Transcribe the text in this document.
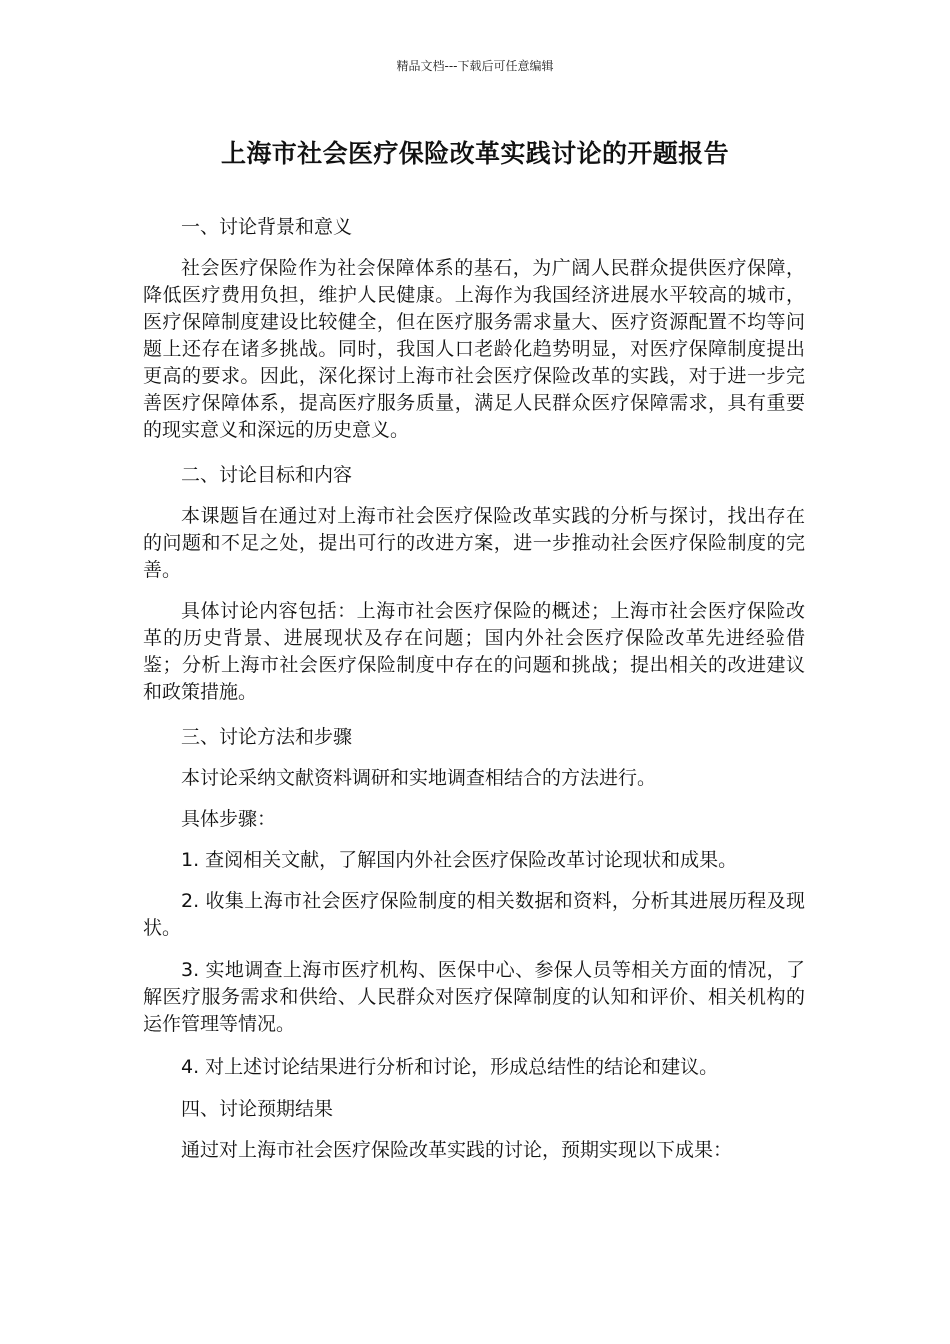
精品文档---下载后可任意编辑
上海市社会医疗保险改革实践讨论的开题报告

一、讨论背景和意义

社会医疗保险作为社会保障体系的基石，为广阔人民群众提供医疗保障，降低医疗费用负担，维护人民健康。上海作为我国经济进展水平较高的城市，医疗保障制度建设比较健全，但在医疗服务需求量大、医疗资源配置不均等问题上还存在诸多挑战。同时，我国人口老龄化趋势明显，对医疗保障制度提出更高的要求。因此，深化探讨上海市社会医疗保险改革的实践，对于进一步完善医疗保障体系，提高医疗服务质量，满足人民群众医疗保障需求，具有重要的现实意义和深远的历史意义。

二、讨论目标和内容

本课题旨在通过对上海市社会医疗保险改革实践的分析与探讨，找出存在的问题和不足之处，提出可行的改进方案，进一步推动社会医疗保险制度的完善。

具体讨论内容包括：上海市社会医疗保险的概述；上海市社会医疗保险改革的历史背景、进展现状及存在问题；国内外社会医疗保险改革先进经验借鉴；分析上海市社会医疗保险制度中存在的问题和挑战；提出相关的改进建议和政策措施。

三、讨论方法和步骤

本讨论采纳文献资料调研和实地调查相结合的方法进行。

具体步骤：

1. 查阅相关文献，了解国内外社会医疗保险改革讨论现状和成果。

2. 收集上海市社会医疗保险制度的相关数据和资料，分析其进展历程及现状。

3. 实地调查上海市医疗机构、医保中心、参保人员等相关方面的情况，了解医疗服务需求和供给、人民群众对医疗保障制度的认知和评价、相关机构的运作管理等情况。

4. 对上述讨论结果进行分析和讨论，形成总结性的结论和建议。

四、讨论预期结果

通过对上海市社会医疗保险改革实践的讨论，预期实现以下成果：
